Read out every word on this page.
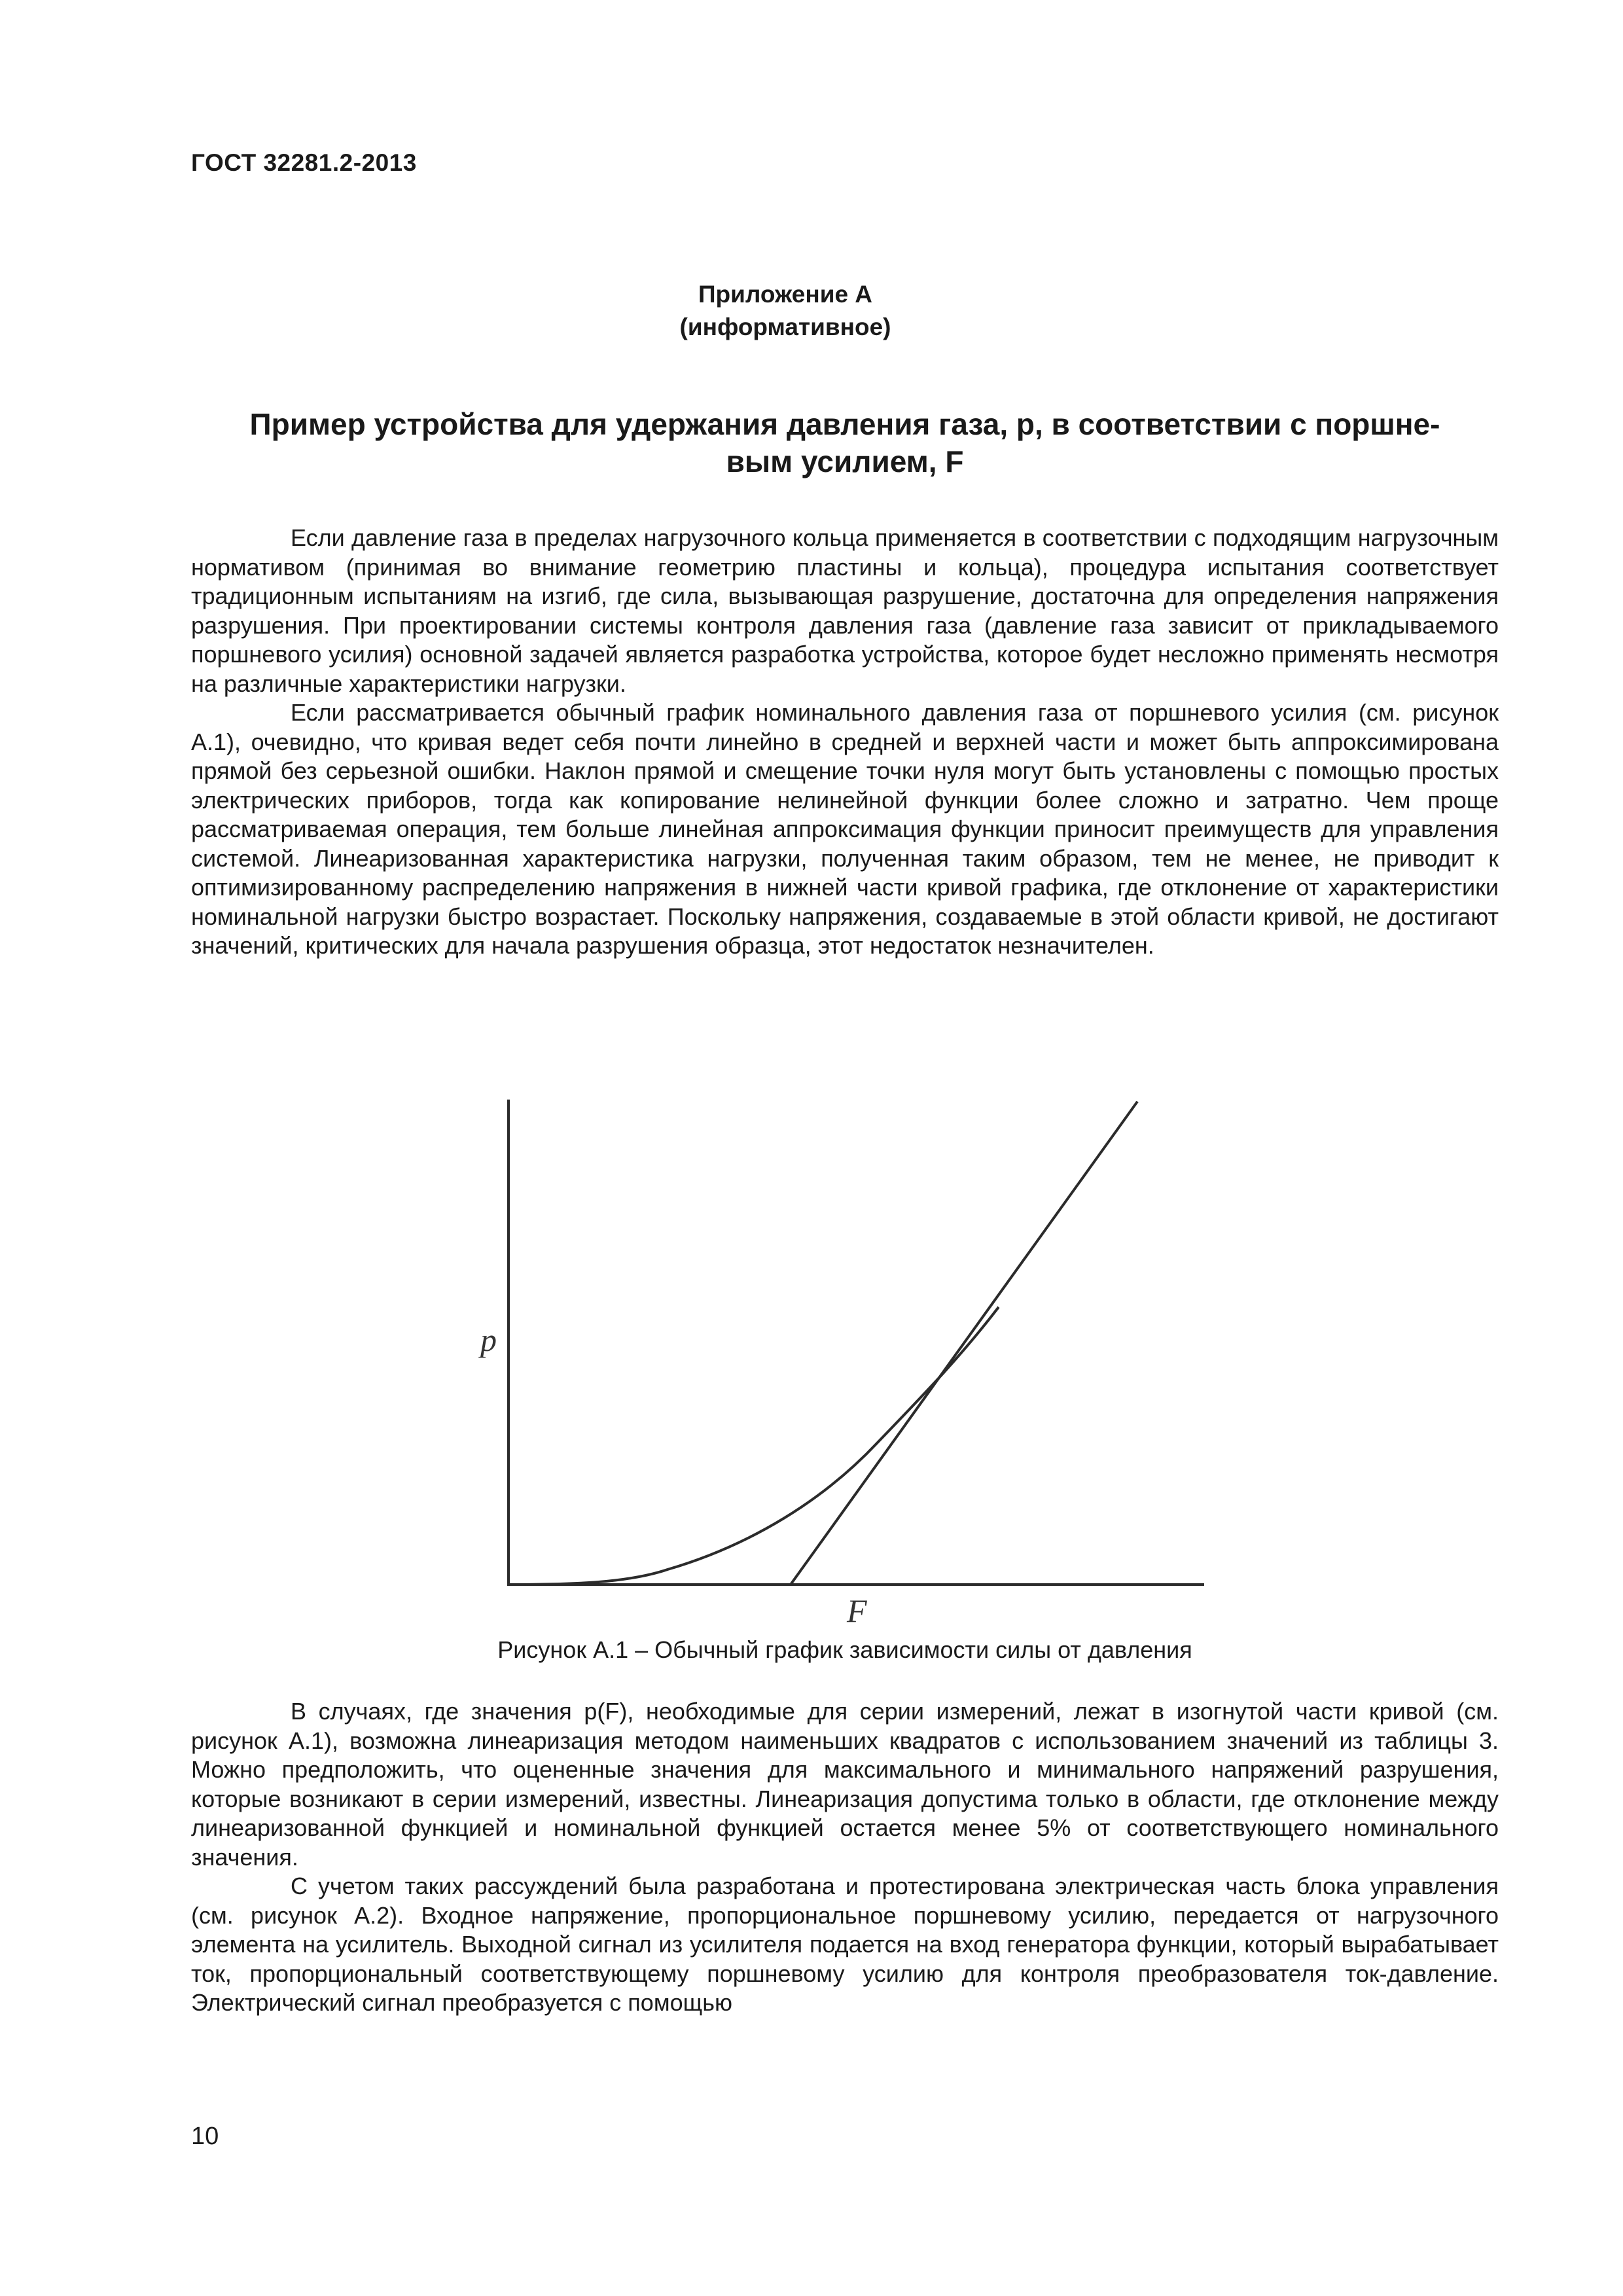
ГОСТ 32281.2-2013
Приложение А
(информативное)
Пример устройства для удержания давления газа, p, в соответствии с поршне-
вым усилием, F

Если давление газа в пределах нагрузочного кольца применяется в соответствии с подходящим нагрузочным нормативом (принимая во внимание геометрию пластины и кольца), процедура испытания соответствует традиционным испытаниям на изгиб, где сила, вызывающая разрушение, достаточна для определения напряжения разрушения. При проектировании системы контроля давления газа (давление газа зависит от прикладываемого поршневого усилия) основной задачей является разработка устройства, которое будет несложно применять несмотря на различные характеристики нагрузки.

Если рассматривается обычный график номинального давления газа от поршневого усилия (см. рисунок А.1), очевидно, что кривая ведет себя почти линейно в средней и верхней части и может быть аппроксимирована прямой без серьезной ошибки. Наклон прямой и смещение точки нуля могут быть установлены с помощью простых электрических приборов, тогда как копирование нелинейной функции более сложно и затратно. Чем проще рассматриваемая операция, тем больше линейная аппроксимация функции приносит преимуществ для управления системой. Линеаризованная характеристика нагрузки, полученная таким образом, тем не менее, не приводит к оптимизированному распределению напряжения в нижней части кривой графика, где отклонение от характеристики номинальной нагрузки быстро возрастает. Поскольку напряжения, создаваемые в этой области кривой, не достигают значений, критических для начала разрушения образца, этот недостаток незначителен.

p
F
Рисунок А.1 – Обычный график зависимости силы от давления

В случаях, где значения p(F), необходимые для серии измерений, лежат в изогнутой части кривой (см. рисунок А.1), возможна линеаризация методом наименьших квадратов с использованием значений из таблицы 3. Можно предположить, что оцененные значения для максимального и минимального напряжений разрушения, которые возникают в серии измерений, известны. Линеаризация допустима только в области, где отклонение между линеаризованной функцией и номинальной функцией остается менее 5% от соответствующего номинального значения.

С учетом таких рассуждений была разработана и протестирована электрическая часть блока управления (см. рисунок А.2). Входное напряжение, пропорциональное поршневому усилию, передается от нагрузочного элемента на усилитель. Выходной сигнал из усилителя подается на вход генератора функции, который вырабатывает ток, пропорциональный соответствующему поршневому усилию для контроля преобразователя ток-давление. Электрический сигнал преобразуется с помощью

10
